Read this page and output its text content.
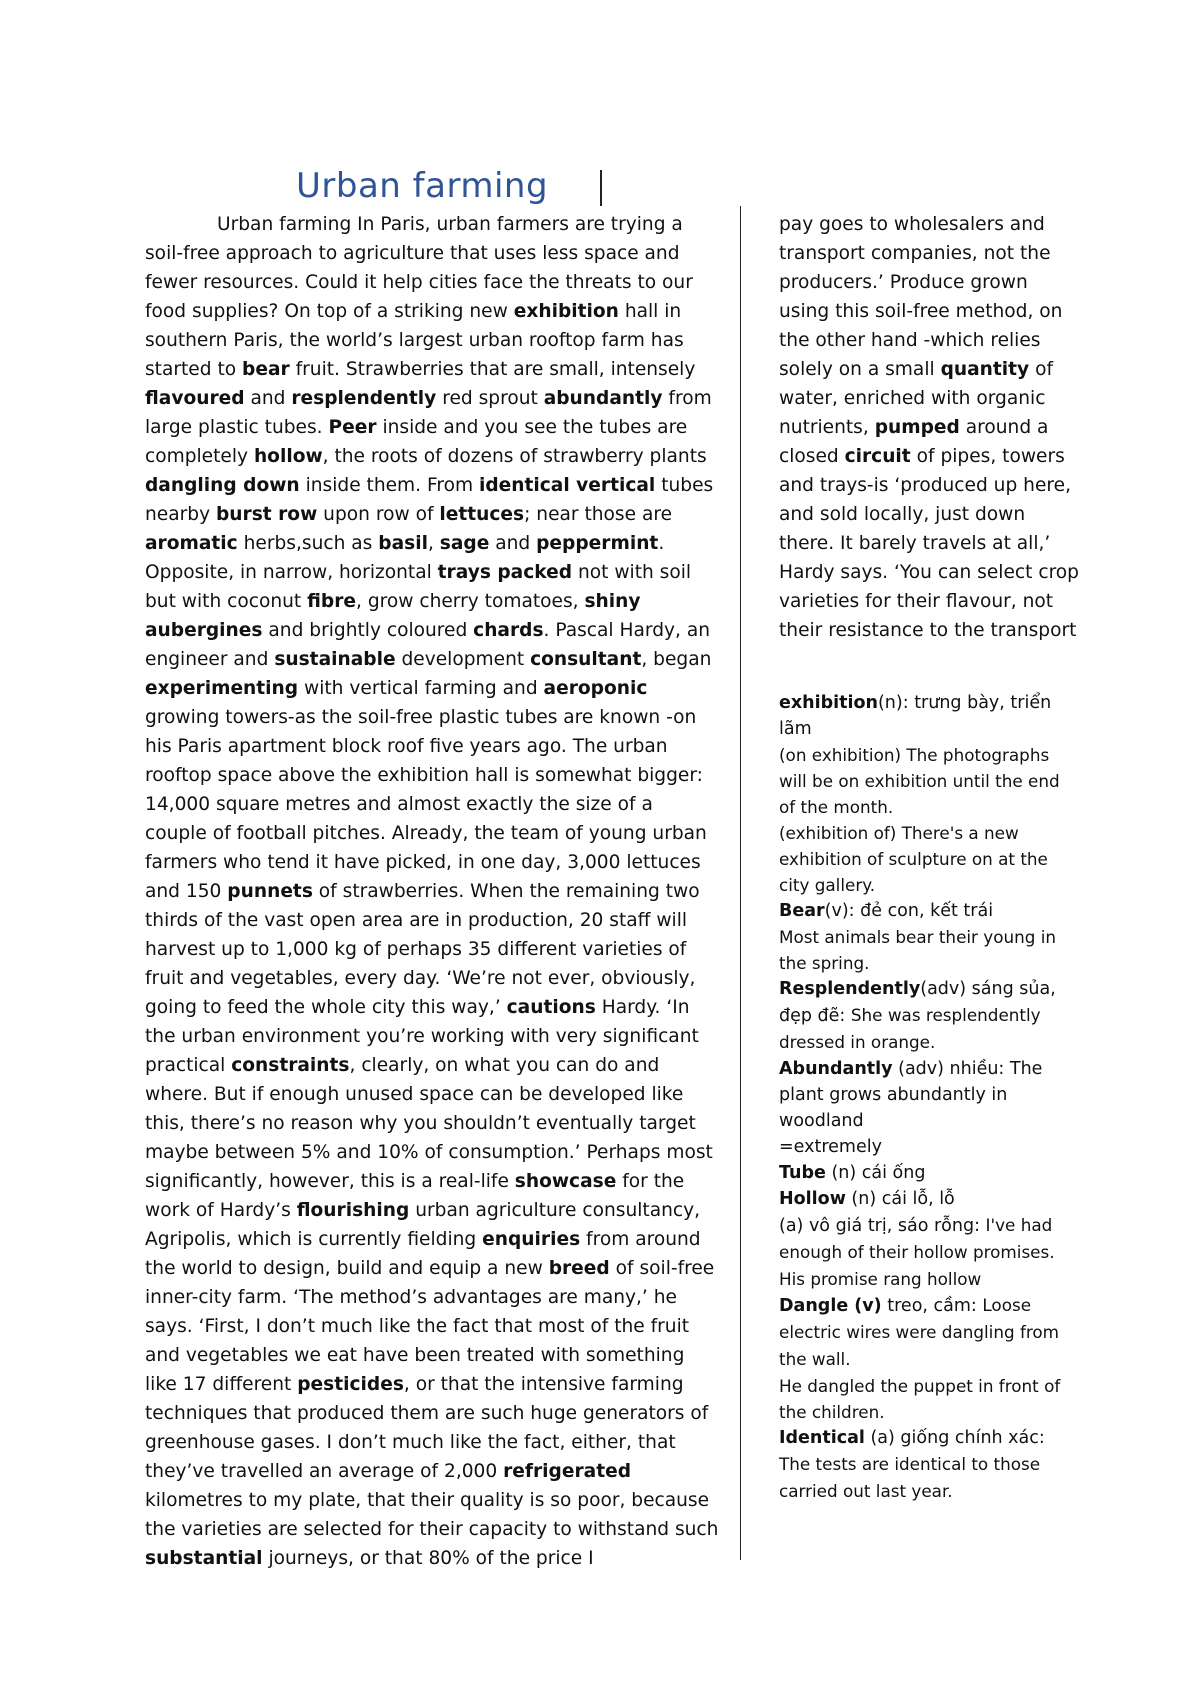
Urban farming

Urban farming In Paris, urban farmers are trying a soil-free approach to agriculture that uses less space and fewer resources. Could it help cities face the threats to our food supplies? On top of a striking new exhibition hall in southern Paris, the world’s largest urban rooftop farm has started to bear fruit. Strawberries that are small, intensely flavoured and resplendently red sprout abundantly from large plastic tubes. Peer inside and you see the tubes are completely hollow, the roots of dozens of strawberry plants dangling down inside them. From identical vertical tubes nearby burst row upon row of lettuces; near those are aromatic herbs,such as basil, sage and peppermint. Opposite, in narrow, horizontal trays packed not with soil but with coconut fibre, grow cherry tomatoes, shiny aubergines and brightly coloured chards. Pascal Hardy, an engineer and sustainable development consultant, began experimenting with vertical farming and aeroponic growing towers-as the soil-free plastic tubes are known -on his Paris apartment block roof five years ago. The urban rooftop space above the exhibition hall is somewhat bigger: 14,000 square metres and almost exactly the size of a couple of football pitches. Already, the team of young urban farmers who tend it have picked, in one day, 3,000 lettuces and 150 punnets of strawberries. When the remaining two thirds of the vast open area are in production, 20 staff will harvest up to 1,000 kg of perhaps 35 different varieties of fruit and vegetables, every day. ‘We’re not ever, obviously, going to feed the whole city this way,’ cautions Hardy. ‘In the urban environment you’re working with very significant practical constraints, clearly, on what you can do and where. But if enough unused space can be developed like this, there’s no reason why you shouldn’t eventually target maybe between 5% and 10% of consumption.’ Perhaps most significantly, however, this is a real-life showcase for the work of Hardy’s flourishing urban agriculture consultancy, Agripolis, which is currently fielding enquiries from around the world to design, build and equip a new breed of soil-free inner-city farm. ‘The method’s advantages are many,’ he says. ‘First, I don’t much like the fact that most of the fruit and vegetables we eat have been treated with something like 17 different pesticides, or that the intensive farming techniques that produced them are such huge generators of greenhouse gases. I don’t much like the fact, either, that they’ve travelled an average of 2,000 refrigerated kilometres to my plate, that their quality is so poor, because the varieties are selected for their capacity to withstand such substantial journeys, or that 80% of the price I

pay goes to wholesalers and transport companies, not the producers.’ Produce grown using this soil-free method, on the other hand -which relies solely on a small quantity of water, enriched with organic nutrients, pumped around a closed circuit of pipes, towers and trays-is ‘produced up here, and sold locally, just down there. It barely travels at all,’ Hardy says. ‘You can select crop varieties for their flavour, not their resistance to the transport

exhibition(n): trưng bày, triển lãm

(on exhibition) The photographs will be on exhibition until the end of the month.

(exhibition of) There's a new exhibition of sculpture on at the city gallery.

Bear(v): đẻ con, kết trái

Most animals bear their young in the spring.

Resplendently(adv) sáng sủa, đẹp đẽ: She was resplendently dressed in orange.

Abundantly (adv) nhiều: The plant grows abundantly in woodland

=extremely

Tube (n) cái ống

Hollow (n) cái lỗ, lỗ

(a) vô giá trị, sáo rỗng: I've had enough of their hollow promises.

His promise rang hollow

Dangle (v) treo, cầm: Loose electric wires were dangling from the wall.

He dangled the puppet in front of the children.

Identical (a) giống chính xác: The tests are identical to those carried out last year.
